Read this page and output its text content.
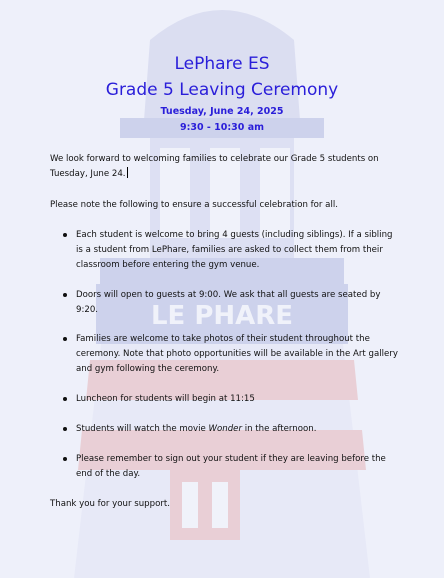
LE PHARE
LePhare ES
Grade 5 Leaving Ceremony
Tuesday, June 24, 2025
9:30 - 10:30 am
We look forward to welcoming families to celebrate our Grade 5 students on Tuesday, June 24.
Please note the following to ensure a successful celebration for all.
Each student is welcome to bring 4 guests (including siblings). If a sibling is a student from LePhare, families are asked to collect them from their classroom before entering the gym venue.
Doors will open to guests at 9:00. We ask that all guests are seated by 9:20.
Families are welcome to take photos of their student throughout the ceremony. Note that photo opportunities will be available in the Art gallery and gym following the ceremony.
Luncheon for students will begin at 11:15
Students will watch the movie Wonder in the afternoon.
Please remember to sign out your student if they are leaving before the end of the day.
Thank you for your support.
